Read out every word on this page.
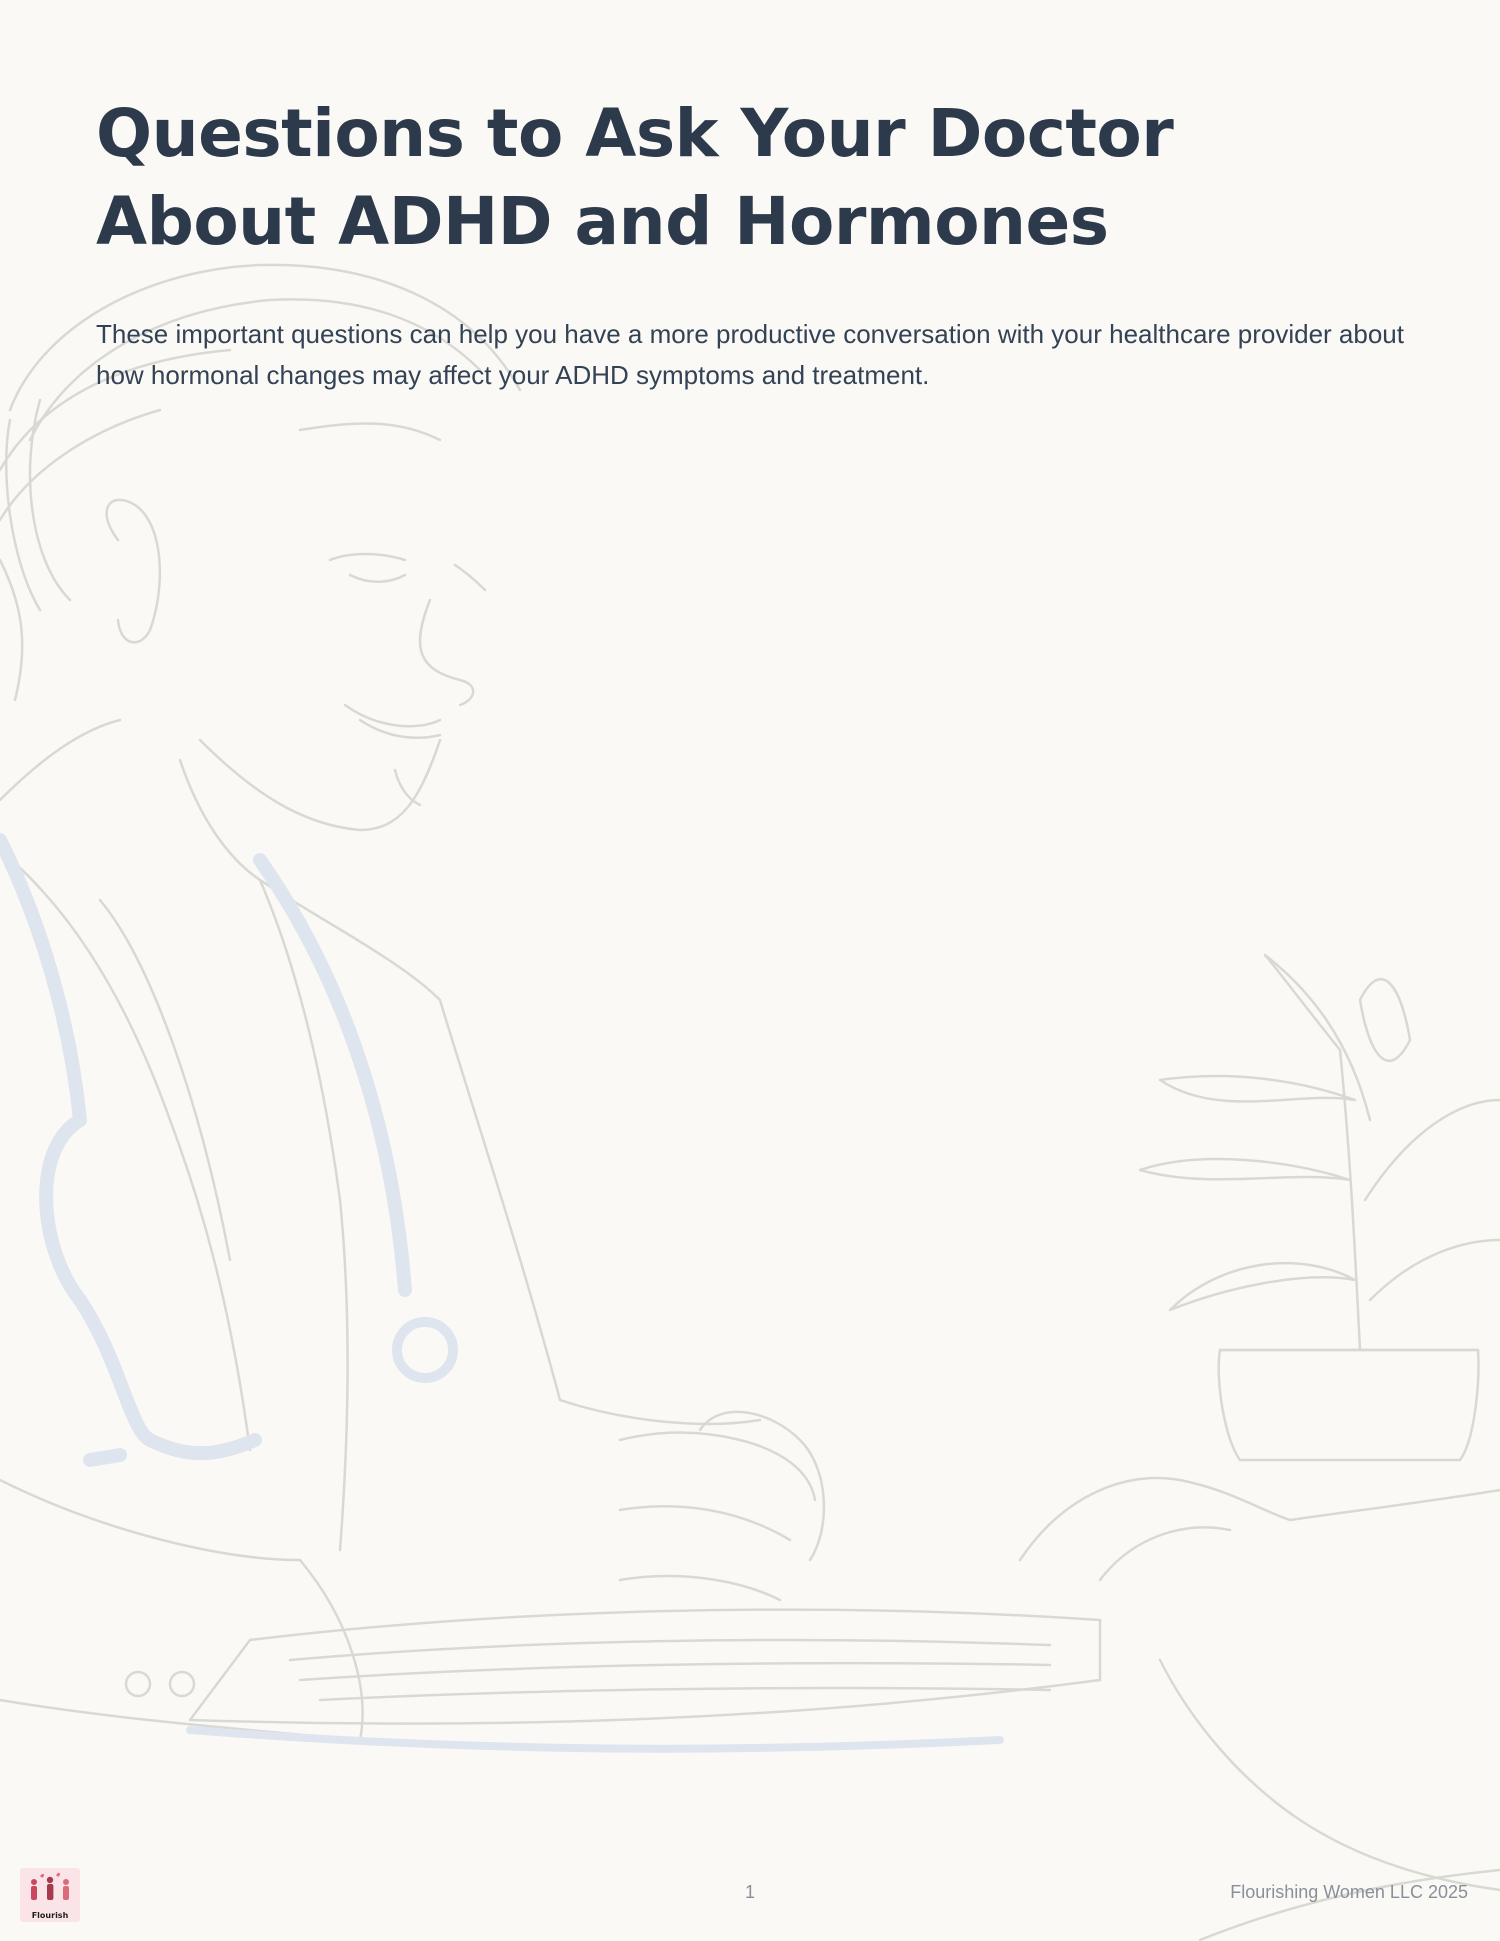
Questions to Ask Your Doctor About ADHD and Hormones

These important questions can help you have a more productive conversation with your healthcare provider about how hormonal changes may affect your ADHD symptoms and treatment.

Flourish
1	Flourishing Women LLC 2025
